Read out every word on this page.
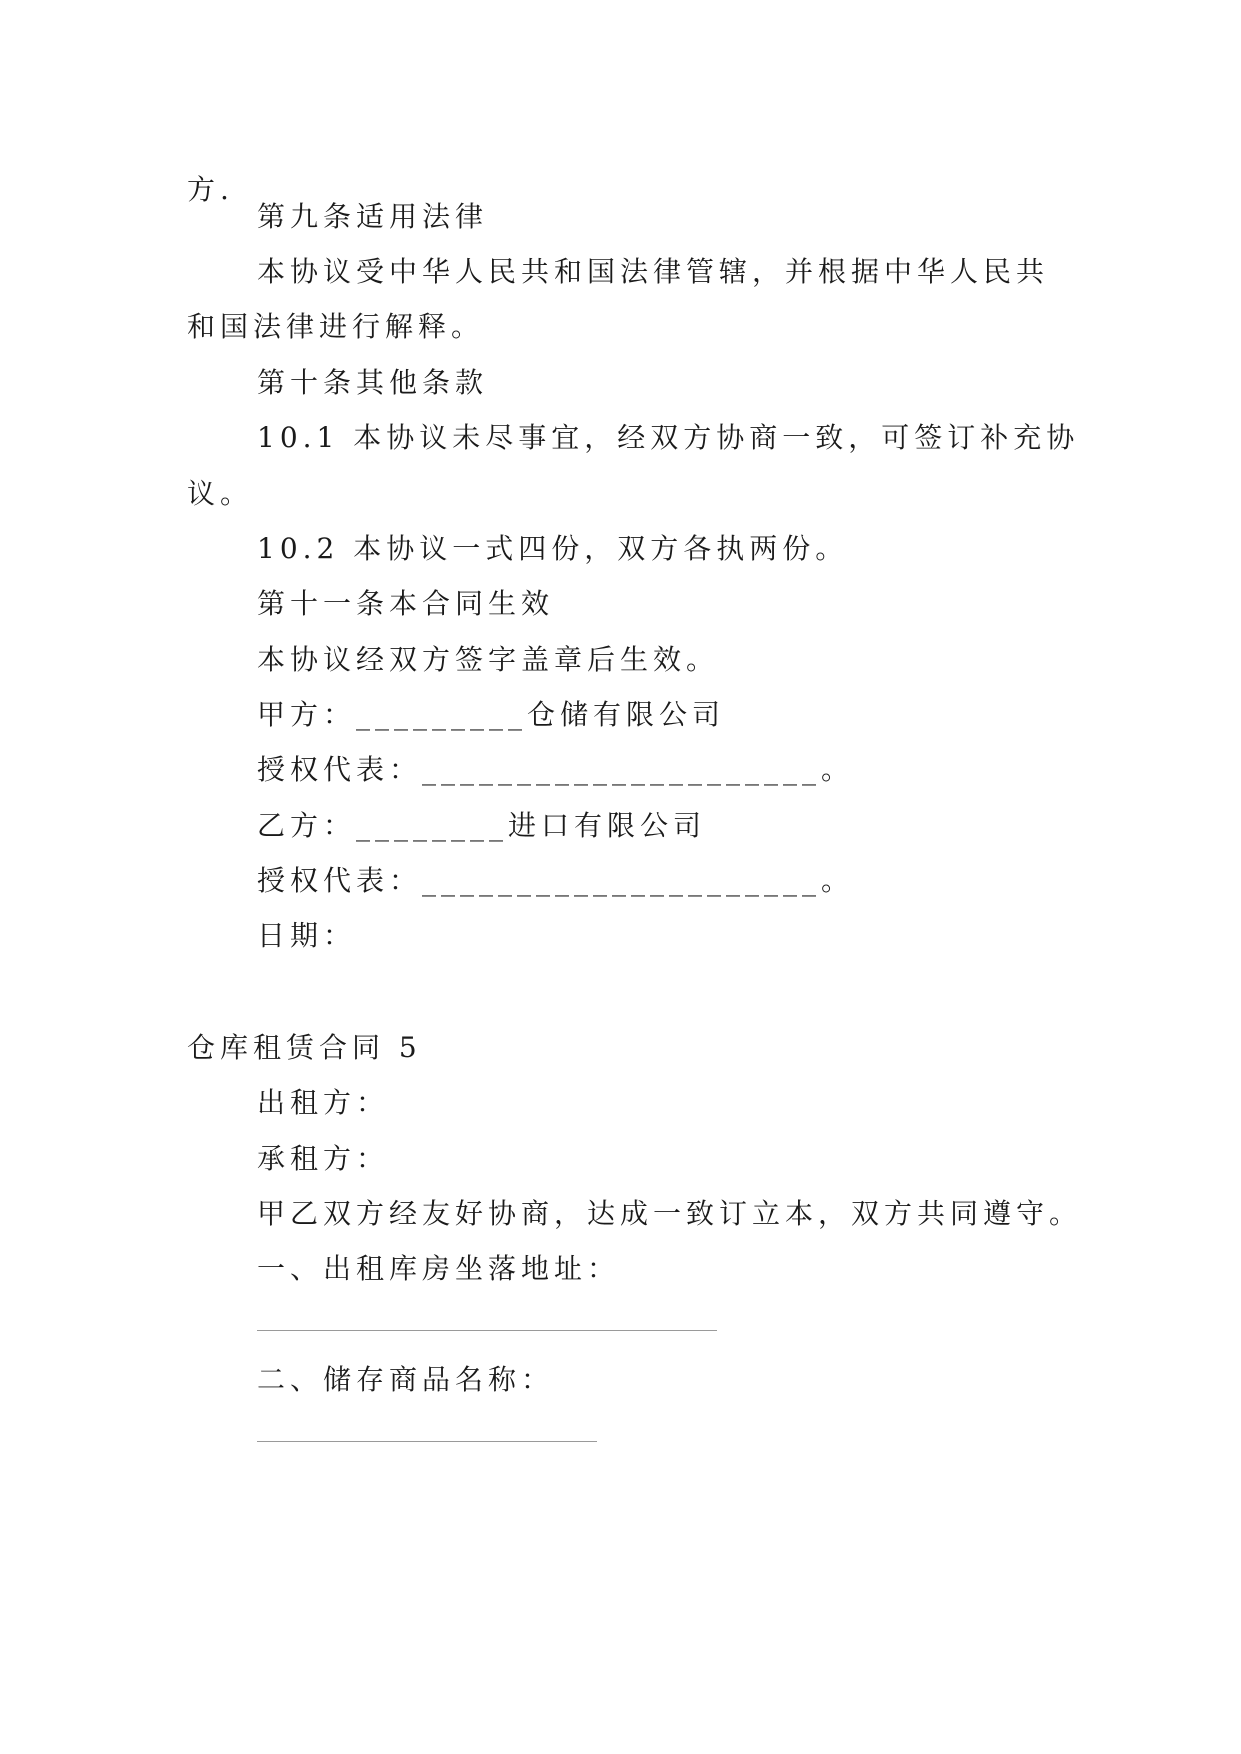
方.
第九条适用法律
本协议受中华人民共和国法律管辖，并根据中华人民共
和国法律进行解释。
第十条其他条款
10.1 本协议未尽事宜，经双方协商一致，可签订补充协
议。
10.2 本协议一式四份，双方各执两份。
第十一条本合同生效
本协议经双方签字盖章后生效。
甲方：_________仓储有限公司
授权代表：_____________________。
乙方：________进口有限公司
授权代表：_____________________。
日期：
仓库租赁合同 5
出租方：
承租方：
甲乙双方经友好协商，达成一致订立本，双方共同遵守。
一、出租库房坐落地址：
二、储存商品名称：
